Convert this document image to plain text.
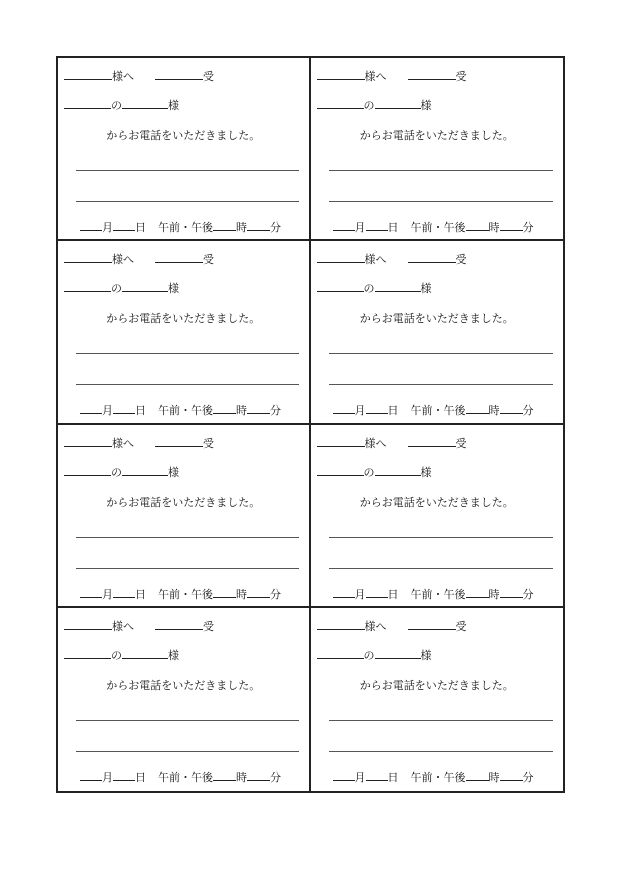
様へ	受
の	様
からお電話をいただきました。
月 日 午前・午後 時 分
様へ	受
の	様
からお電話をいただきました。
月 日 午前・午後 時 分
様へ	受
の	様
からお電話をいただきました。
月 日 午前・午後 時 分
様へ	受
の	様
からお電話をいただきました。
月 日 午前・午後 時 分
様へ	受
の	様
からお電話をいただきました。
月 日 午前・午後 時 分
様へ	受
の	様
からお電話をいただきました。
月 日 午前・午後 時 分
様へ	受
の	様
からお電話をいただきました。
月 日 午前・午後 時 分
様へ	受
の	様
からお電話をいただきました。
月 日 午前・午後 時 分
